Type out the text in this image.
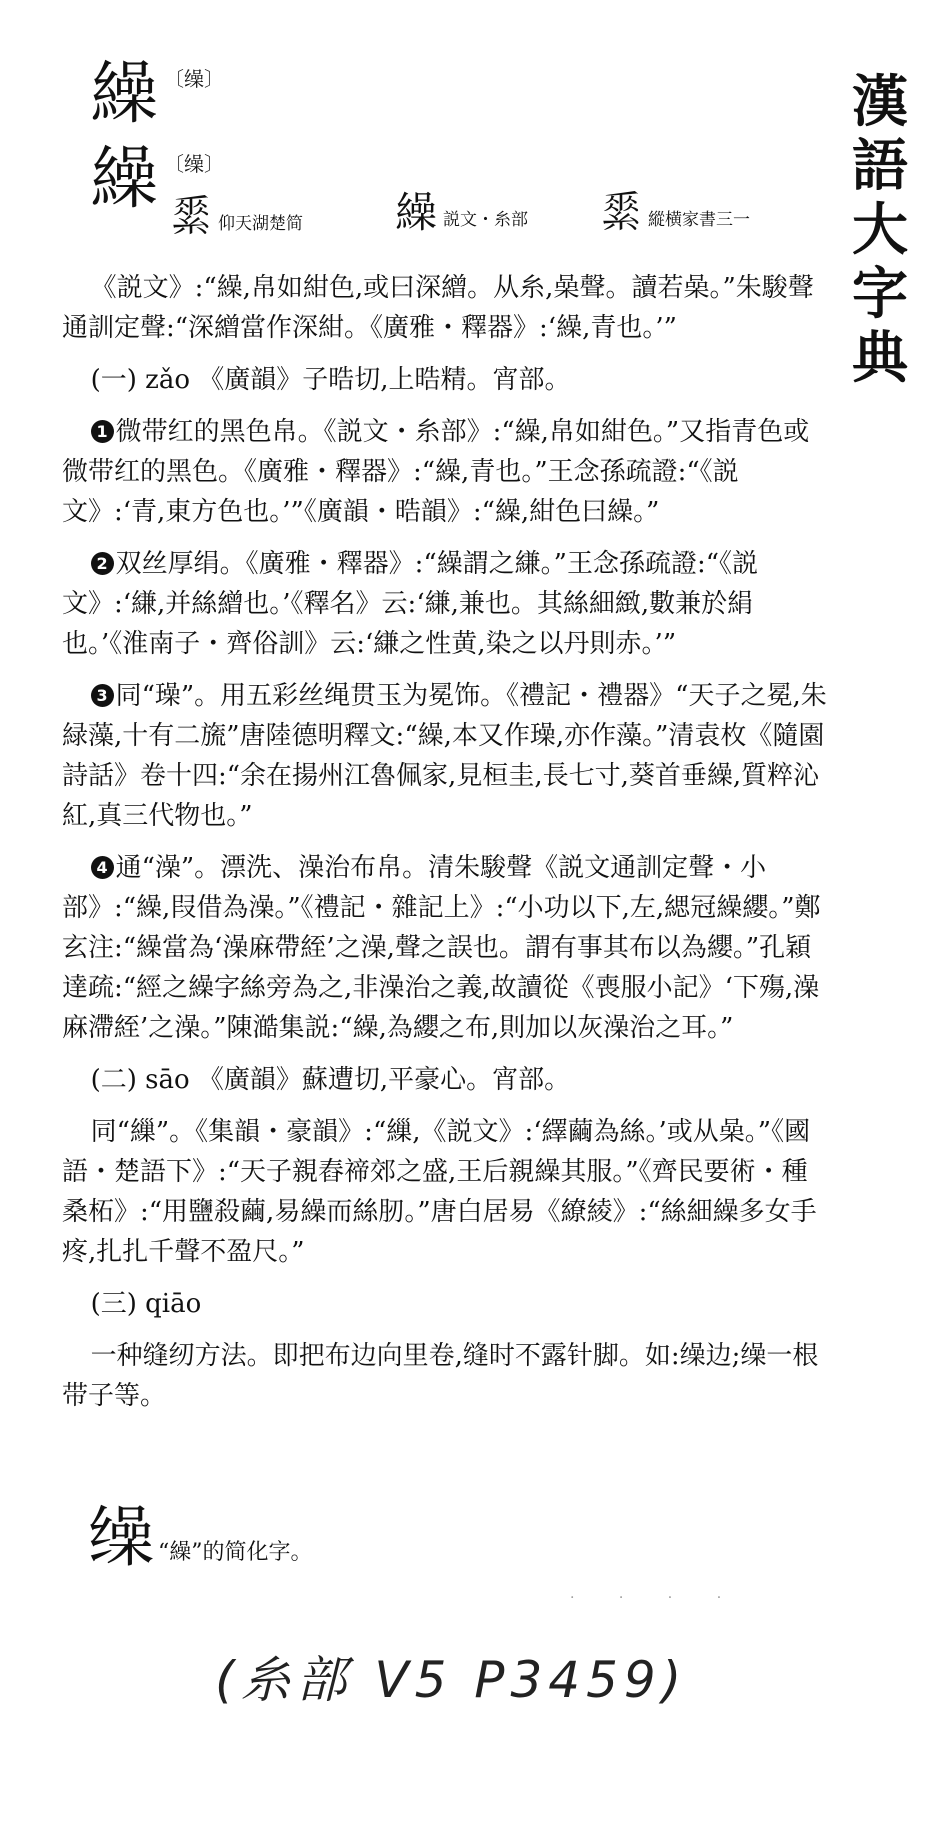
漢
語
大
字
典
繰 〔缲〕
繰 〔缲〕
𦃃 仰天湖楚简 繰 説文・糸部 𦃃 縱横家書三一

《説文》:“繰,帛如紺色,或曰深繒。从糸,喿聲。讀若喿。”朱駿聲通訓定聲:“深繒當作深紺。《廣雅・釋器》:‘繰,青也。’”

(一) zǎo 《廣韻》子晧切,上晧精。宵部。

1 微带红的黑色帛。《説文・糸部》:“繰,帛如紺色。”又指青色或微带红的黑色。《廣雅・釋器》:“繰,青也。”王念孫疏證:“《説文》:‘青,東方色也。’”《廣韻・晧韻》:“繰,紺色曰繰。”

2 双丝厚绢。《廣雅・釋器》:“繰謂之縑。”王念孫疏證:“《説文》:‘縑,并絲繒也。’《釋名》云:‘縑,兼也。其絲細緻,數兼於絹也。’《淮南子・齊俗訓》云:‘縑之性黄,染之以丹則赤。’”

3 同“璪”。用五彩丝绳贯玉为冕饰。《禮記・禮器》“天子之冕,朱緑藻,十有二旒”唐陸德明釋文:“繰,本又作璪,亦作藻。”清袁枚《隨園詩話》卷十四:“余在揚州江魯佩家,見桓圭,長七寸,葵首垂繰,質粹沁紅,真三代物也。”

4 通“澡”。漂洗、澡治布帛。清朱駿聲《説文通訓定聲・小部》:“繰,叚借為澡。”《禮記・雜記上》:“小功以下,左,緦冠繰纓。”鄭玄注:“繰當為‘澡麻帶絰’之澡,聲之誤也。謂有事其布以為纓。”孔穎達疏:“經之繰字絲旁為之,非澡治之義,故讀從《喪服小記》‘下殤,澡麻滯絰’之澡。”陳澔集説:“繰,為纓之布,則加以灰澡治之耳。”

(二) sāo 《廣韻》蘇遭切,平豪心。宵部。

同“繅”。《集韻・豪韻》:“繅,《説文》:‘繹繭為絲。’或从喿。”《國語・楚語下》:“天子親舂禘郊之盛,王后親繰其服。”《齊民要術・種桑柘》:“用鹽殺繭,易繰而絲肕。”唐白居易《繚綾》:“絲細繰多女手疼,扎扎千聲不盈尺。”

(三) qiāo

一种缝纫方法。即把布边向里卷,缝时不露针脚。如:缲边;缲一根带子等。

缲 “繰”的简化字。
· · · ·
(糸部 V5 P3459)
